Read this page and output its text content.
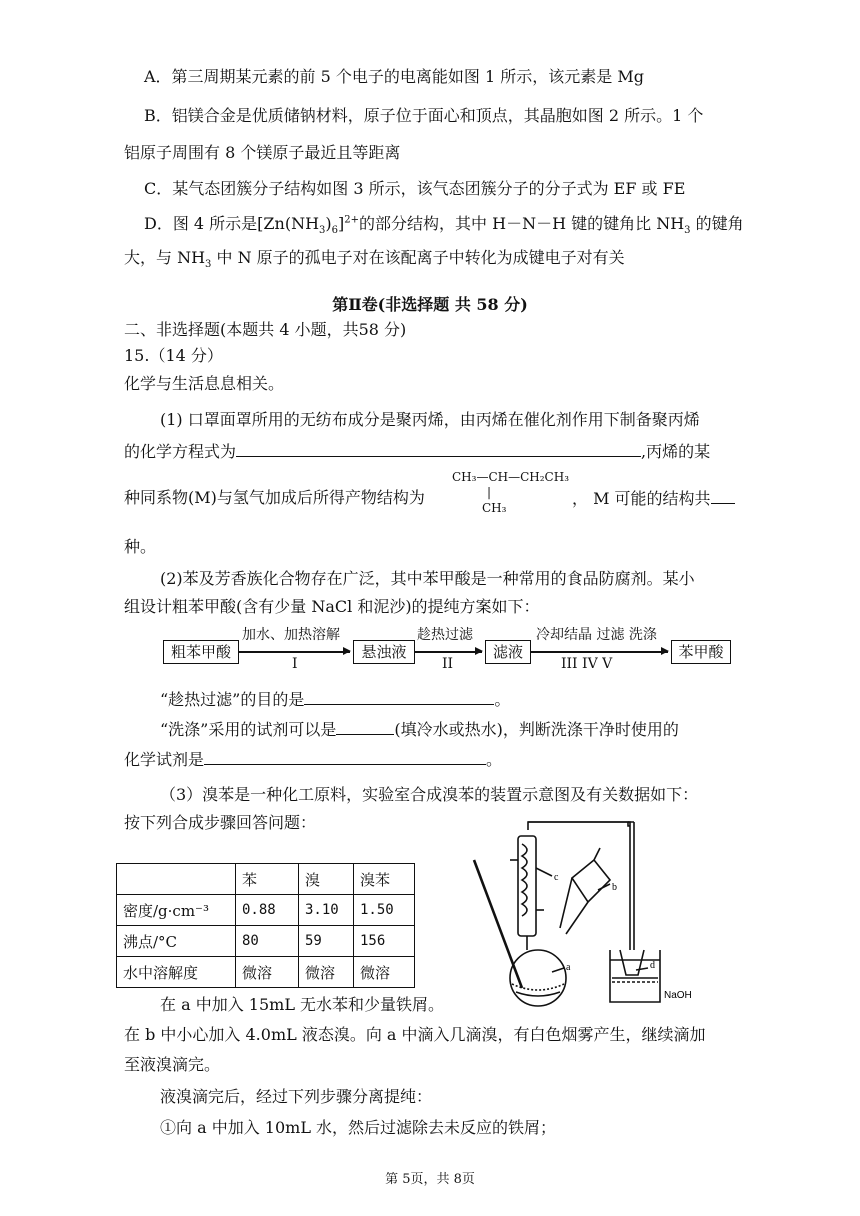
A．第三周期某元素的前 5 个电子的电离能如图 1 所示，该元素是 Mg
B．铝镁合金是优质储钠材料，原子位于面心和顶点，其晶胞如图 2 所示。1 个
铝原子周围有 8 个镁原子最近且等距离
C．某气态团簇分子结构如图 3 所示，该气态团簇分子的分子式为 EF 或 FE
D．图 4 所示是$[Zn(NH_3)_6]^{2+}$的部分结构，其中 H－N－H 键的键角比 $NH_3$ 的键角
大，与 $NH_3$ 中 N 原子的孤电子对在该配离子中转化为成键电子对有关
第Ⅱ卷(非选择题 共 58 分)
二、非选择题(本题共 4 小题，共58 分)
15.（14 分）
化学与生活息息相关。
(1) 口罩面罩所用的无纺布成分是聚丙烯，由丙烯在催化剂作用下制备聚丙烯
的化学方程式为	,丙烯的某
CH₃—CH—CH₂CH₃
|
CH₃
种同系物(M)与氢气加成后所得产物结构为	， M 可能的结构共
种。
(2)苯及芳香族化合物存在广泛，其中苯甲酸是一种常用的食品防腐剂。某小
组设计粗苯甲酸(含有少量 NaCl 和泥沙)的提纯方案如下：
粗苯甲酸
加水、加热溶解
I
悬浊液
趁热过滤
II
滤液
冷却结晶 过滤 洗涤
III IV V
苯甲酸
“趁热过滤”的目的是	。
“洗涤”采用的试剂可以是	(填冷水或热水)，判断洗涤干净时使用的
化学试剂是	。
（3）溴苯是一种化工原料，实验室合成溴苯的装置示意图及有关数据如下：
按下列合成步骤回答问题：
	苯	溴	溴苯
密度/g·cm⁻³	0.88	3.10	1.50
沸点/°C	80	59	156
水中溶解度	微溶	微溶	微溶
c
b
a	d
NaOH
在 a 中加入 15mL 无水苯和少量铁屑。
在 b 中小心加入 4.0mL 液态溴。向 a 中滴入几滴溴，有白色烟雾产生，继续滴加
至液溴滴完。
液溴滴完后，经过下列步骤分离提纯：
①向 a 中加入 10mL 水，然后过滤除去未反应的铁屑；
第 5页，共 8页
